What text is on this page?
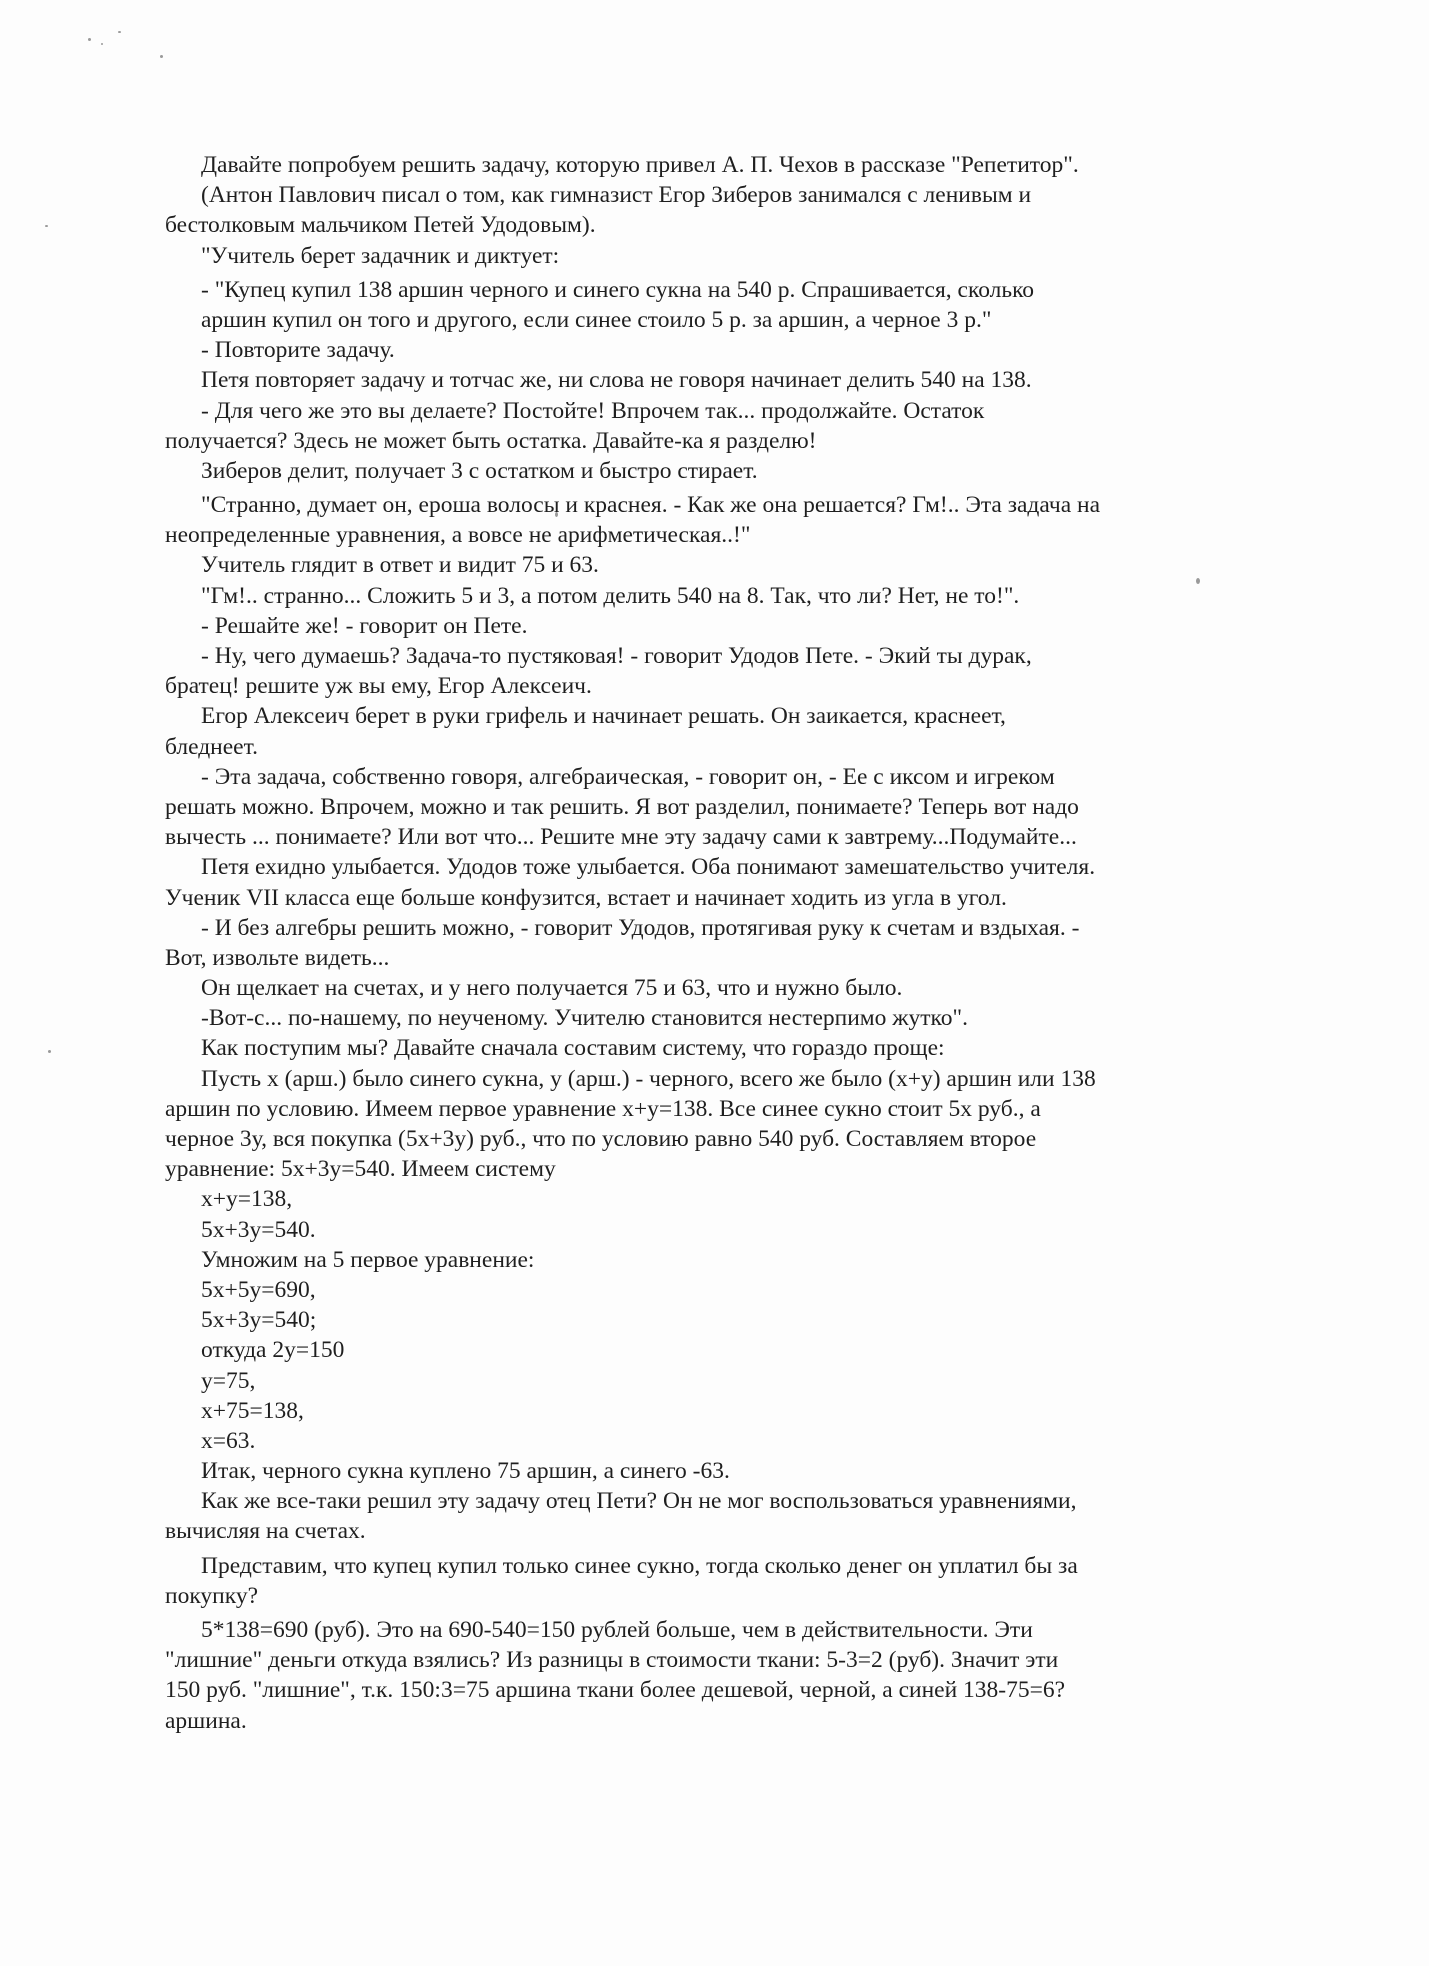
Давайте попробуем решить задачу, которую привел А. П. Чехов в рассказе "Репетитор".
(Антон Павлович писал о том, как гимназист Егор Зиберов занимался с ленивым и
бестолковым мальчиком Петей Удодовым).
"Учитель берет задачник и диктует:
- "Купец купил 138 аршин черного и синего сукна на 540 р. Спрашивается, сколько
аршин купил он того и другого, если синее стоило 5 р. за аршин, а черное 3 р."
- Повторите задачу.
Петя повторяет задачу и тотчас же, ни слова не говоря начинает делить 540 на 138.
- Для чего же это вы делаете? Постойте! Впрочем так... продолжайте. Остаток
получается? Здесь не может быть остатка. Давайте-ка я разделю!
Зиберов делит, получает 3 с остатком и быстро стирает.
"Странно, думает он, ероша волосы и краснея. - Как же она решается? Гм!.. Эта задача на
неопределенные уравнения, а вовсе не арифметическая..!"
Учитель глядит в ответ и видит 75 и 63.
"Гм!.. странно... Сложить 5 и 3, а потом делить 540 на 8. Так, что ли? Нет, не то!".
- Решайте же! - говорит он Пете.
- Ну, чего думаешь? Задача-то пустяковая! - говорит Удодов Пете. - Экий ты дурак,
братец! решите уж вы ему, Егор Алексеич.
Егор Алексеич берет в руки грифель и начинает решать. Он заикается, краснеет,
бледнеет.
- Эта задача, собственно говоря, алгебраическая, - говорит он, - Ее с иксом и игреком
решать можно. Впрочем, можно и так решить. Я вот разделил, понимаете? Теперь вот надо
вычесть ... понимаете? Или вот что... Решите мне эту задачу сами к завтрему...Подумайте...
Петя ехидно улыбается. Удодов тоже улыбается. Оба понимают замешательство учителя.
Ученик VII класса еще больше конфузится, встает и начинает ходить из угла в угол.
- И без алгебры решить можно, - говорит Удодов, протягивая руку к счетам и вздыхая. -
Вот, извольте видеть...
Он щелкает на счетах, и у него получается 75 и 63, что и нужно было.
-Вот-с... по-нашему, по неученому. Учителю становится нестерпимо жутко".
Как поступим мы? Давайте сначала составим систему, что гораздо проще:
Пусть х (арш.) было синего сукна, у (арш.) - черного, всего же было (х+у) аршин или 138
аршин по условию. Имеем первое уравнение х+у=138. Все синее сукно стоит 5х руб., а
черное 3у, вся покупка (5х+3у) руб., что по условию равно 540 руб. Составляем второе
уравнение: 5х+3у=540. Имеем систему
х+у=138,
5х+3у=540.
Умножим на 5 первое уравнение:
5х+5у=690,
5х+3у=540;
откуда 2у=150
у=75,
х+75=138,
х=63.
Итак, черного сукна куплено 75 аршин, а синего -63.
Как же все-таки решил эту задачу отец Пети? Он не мог воспользоваться уравнениями,
вычисляя на счетах.
Представим, что купец купил только синее сукно, тогда сколько денег он уплатил бы за
покупку?
5*138=690 (руб). Это на 690-540=150 рублей больше, чем в действительности. Эти
"лишние" деньги откуда взялись? Из разницы в стоимости ткани: 5-3=2 (руб). Значит эти
150 руб. "лишние", т.к. 150:3=75 аршина ткани более дешевой, черной, а синей 138-75=6?
аршина.
